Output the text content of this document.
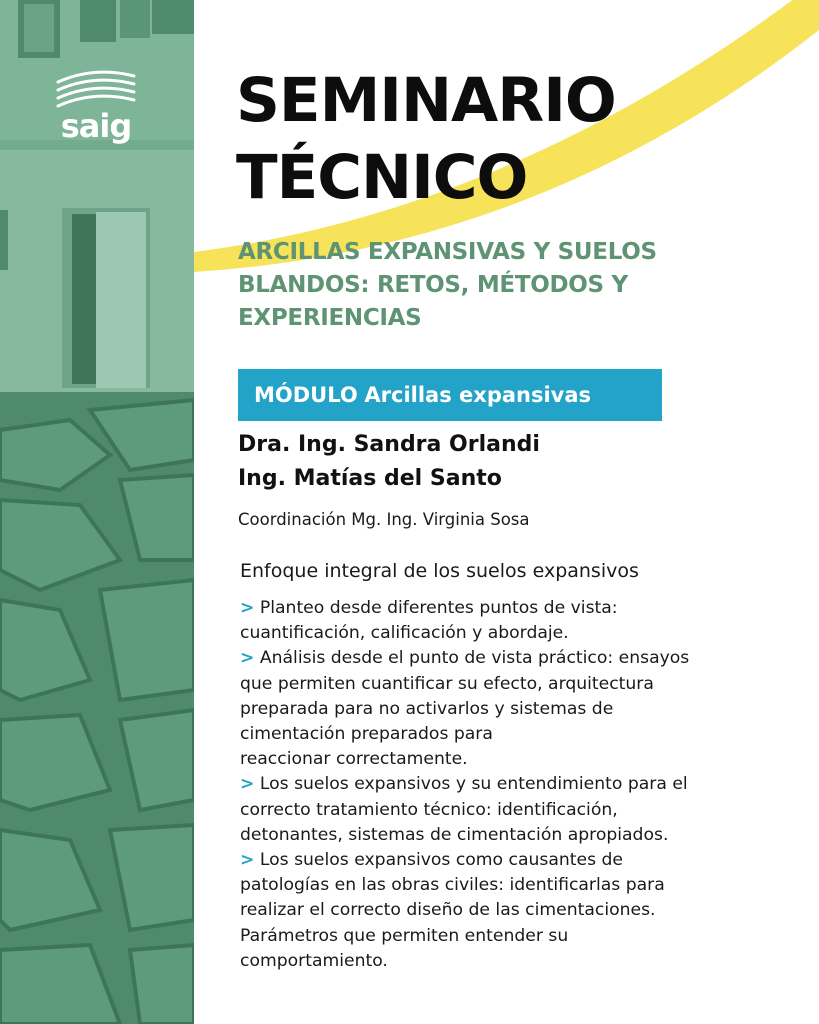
saig SEMINARIO
TÉCNICO
ARCILLAS EXPANSIVAS Y SUELOS
BLANDOS: RETOS, MÉTODOS Y
EXPERIENCIAS
MÓDULO Arcillas expansivas
Dra. Ing. Sandra Orlandi
Ing. Matías del Santo
Coordinación Mg. Ing. Virginia Sosa
Enfoque integral de los suelos expansivos
> Planteo desde diferentes puntos de vista:
cuantificación, calificación y abordaje.
> Análisis desde el punto de vista práctico: ensayos
que permiten cuantificar su efecto, arquitectura
preparada para no activarlos y sistemas de
cimentación preparados para
reaccionar correctamente.
> Los suelos expansivos y su entendimiento para el
correcto tratamiento técnico: identificación,
detonantes, sistemas de cimentación apropiados.
> Los suelos expansivos como causantes de
patologías en las obras civiles: identificarlas para
realizar el correcto diseño de las cimentaciones.
Parámetros que permiten entender su
comportamiento.
